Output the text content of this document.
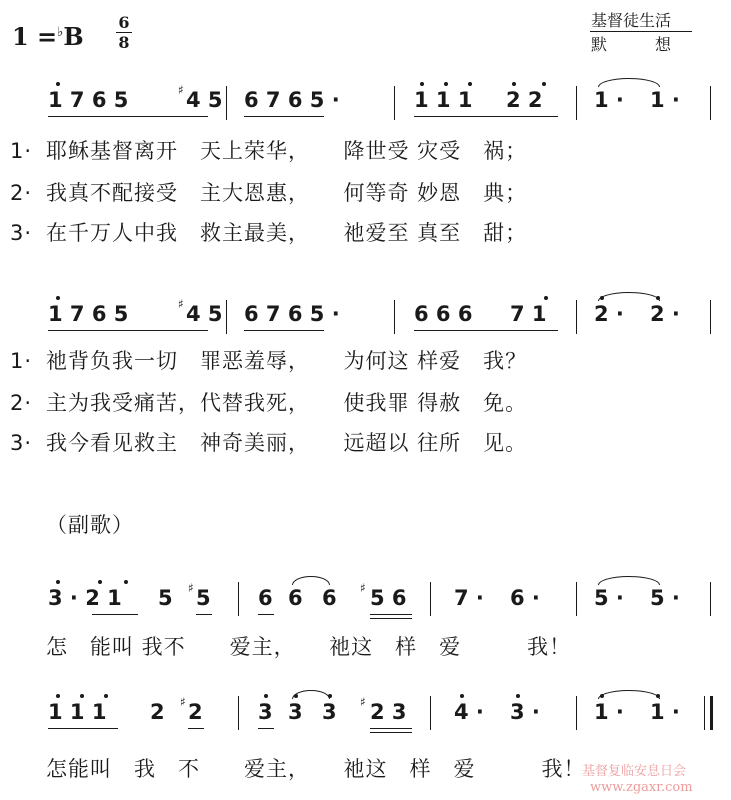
1 =♭B 6
8
基督徒生活
默　　　想
1 7 6 5	♯ 4 5 6 7 6 5 ·	1 1 1 2 2 1 · 1 ·
1· 耶稣基督离开　天上荣华，　　降世受 灾受　祸；
2· 我真不配接受　主大恩惠，　　何等奇 妙恩　典；
3· 在千万人中我　救主最美，　　祂爱至 真至　甜；
1 7 6 5	♯ 4 5 6 7 6 5 ·	6 6 6 7 1 2 · 2 ·
1· 祂背负我一切　罪恶羞辱，　　为何这 样爱　我？
2· 主为我受痛苦，代替我死，　　使我罪 得赦　免。
3· 我今看见救主　神奇美丽，　　远超以 往所　见。
（副歌）
3 · 2 1 5 ♯ 5 6 6 6 ♯ 5 6 7 · 6 ·	5 · 5 ·
怎　能叫 我不　　爱主，　　祂这　样　爱　　　我！
1 1 1 2 ♯ 2	3 3 3 ♯ 2 3 4 · 3 ·	1 · 1 ·
怎能叫　我　不　　爱主，　　祂这　样　爱　　　我！
基督复临安息日会
www.zgaxr.com
